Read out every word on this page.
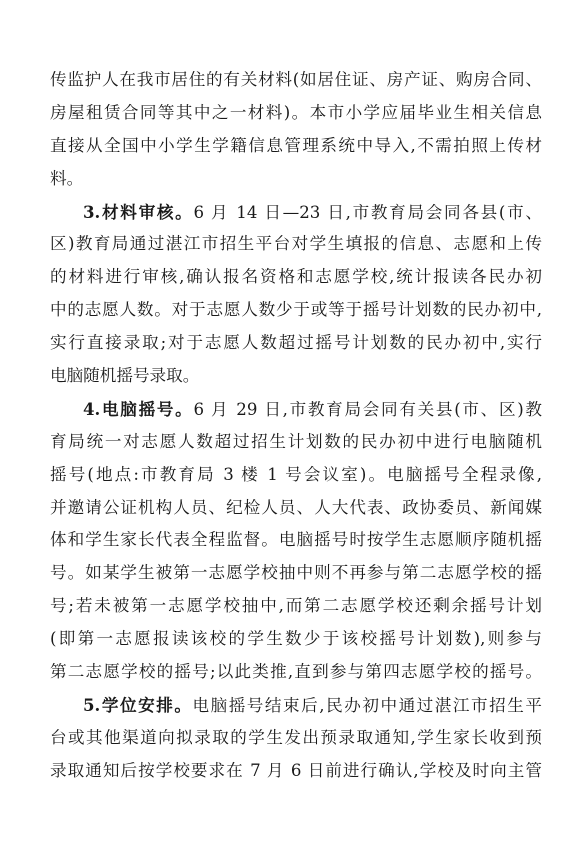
传监护人在我市居住的有关材料(如居住证、房产证、购房合同、
房屋租赁合同等其中之一材料)。本市小学应届毕业生相关信息
直接从全国中小学生学籍信息管理系统中导入,不需拍照上传材
料。
3.材料审核。6 月 14 日—23 日,市教育局会同各县(市、
区)教育局通过湛江市招生平台对学生填报的信息、志愿和上传
的材料进行审核,确认报名资格和志愿学校,统计报读各民办初
中的志愿人数。对于志愿人数少于或等于摇号计划数的民办初中,
实行直接录取;对于志愿人数超过摇号计划数的民办初中,实行
电脑随机摇号录取。
4.电脑摇号。6 月 29 日,市教育局会同有关县(市、区)教
育局统一对志愿人数超过招生计划数的民办初中进行电脑随机
摇号(地点:市教育局 3 楼 1 号会议室)。电脑摇号全程录像,
并邀请公证机构人员、纪检人员、人大代表、政协委员、新闻媒
体和学生家长代表全程监督。电脑摇号时按学生志愿顺序随机摇
号。如某学生被第一志愿学校抽中则不再参与第二志愿学校的摇
号;若未被第一志愿学校抽中,而第二志愿学校还剩余摇号计划
(即第一志愿报读该校的学生数少于该校摇号计划数),则参与
第二志愿学校的摇号;以此类推,直到参与第四志愿学校的摇号。
5.学位安排。电脑摇号结束后,民办初中通过湛江市招生平
台或其他渠道向拟录取的学生发出预录取通知,学生家长收到预
录取通知后按学校要求在 7 月 6 日前进行确认,学校及时向主管
